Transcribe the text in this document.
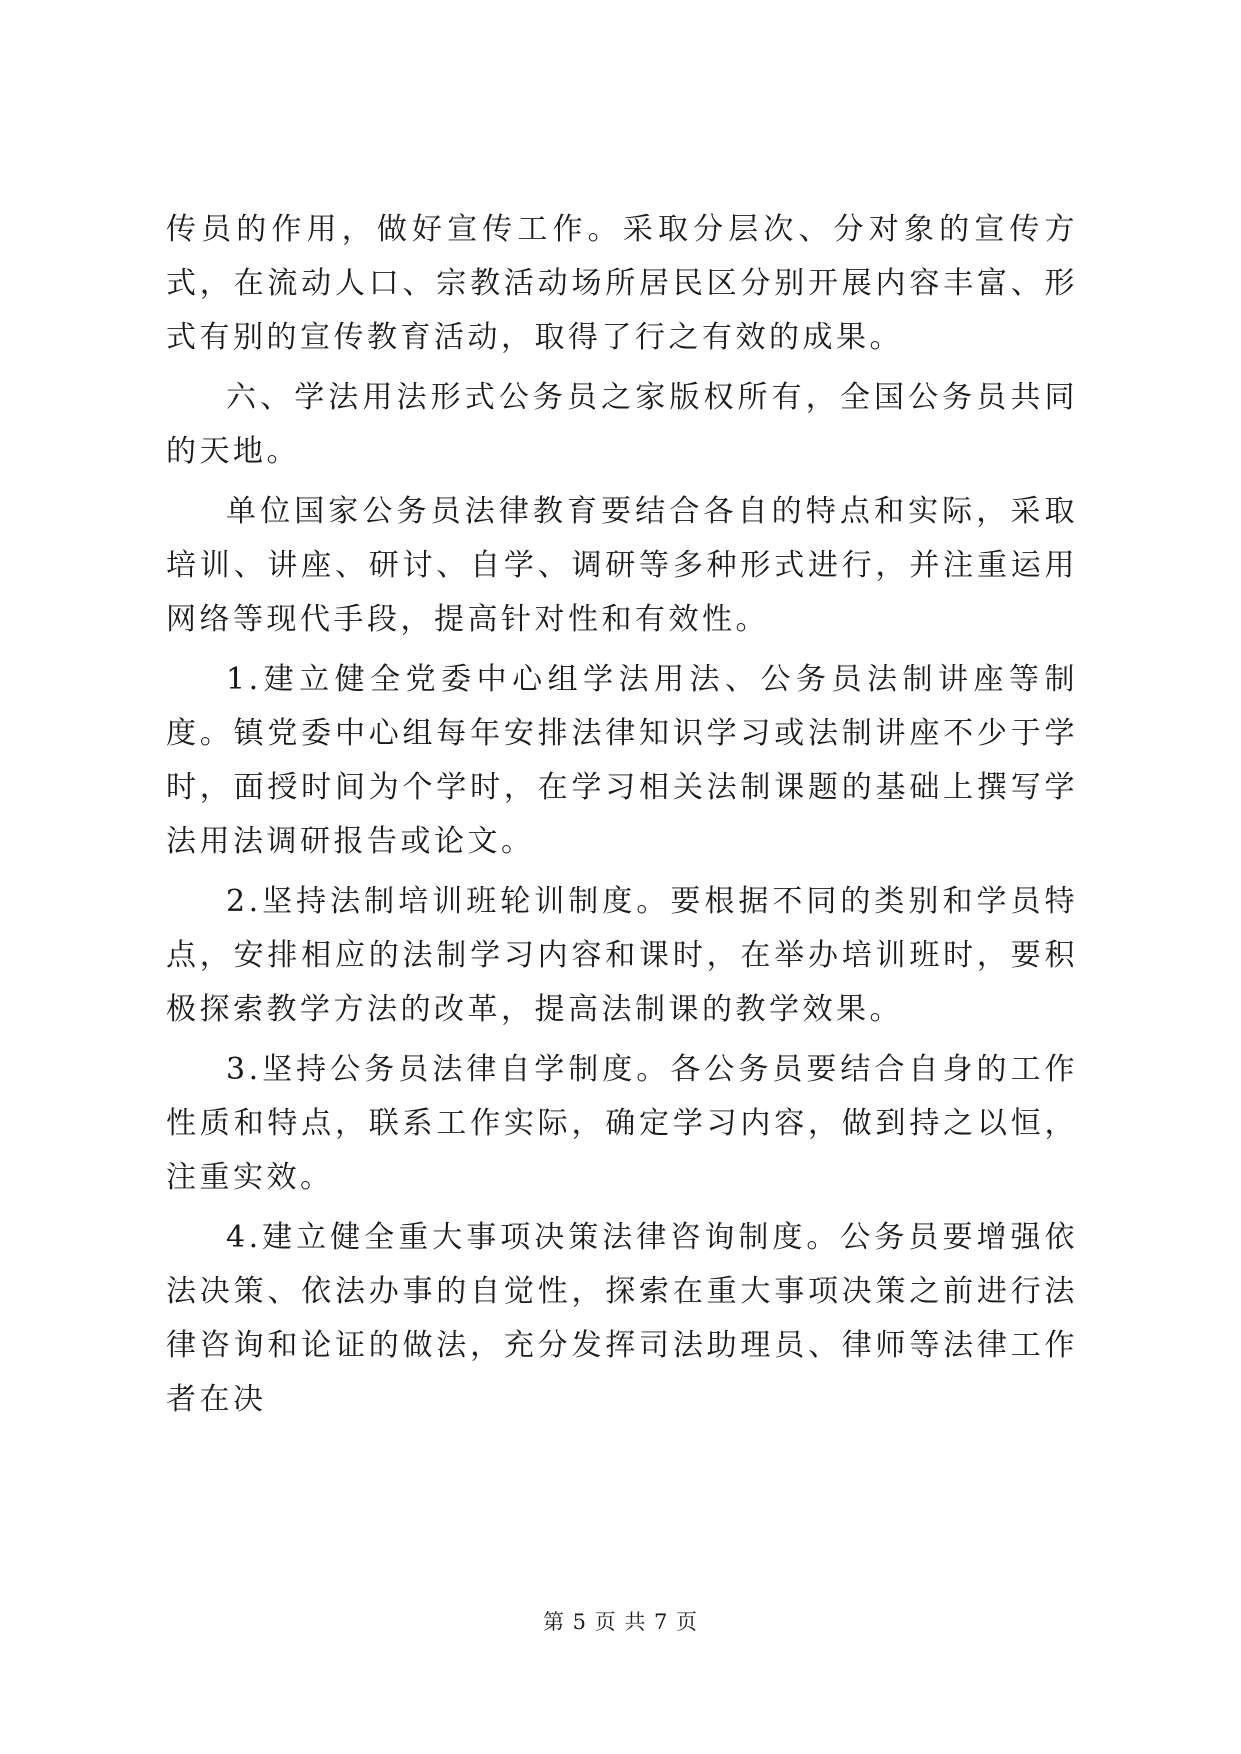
传员的作用，做好宣传工作。采取分层次、分对象的宣传方式，在流动人口、宗教活动场所居民区分别开展内容丰富、形式有别的宣传教育活动，取得了行之有效的成果。

六、学法用法形式公务员之家版权所有，全国公务员共同的天地。

单位国家公务员法律教育要结合各自的特点和实际，采取培训、讲座、研讨、自学、调研等多种形式进行，并注重运用网络等现代手段，提高针对性和有效性。

1.建立健全党委中心组学法用法、公务员法制讲座等制度。镇党委中心组每年安排法律知识学习或法制讲座不少于学时，面授时间为个学时，在学习相关法制课题的基础上撰写学法用法调研报告或论文。

2.坚持法制培训班轮训制度。要根据不同的类别和学员特点，安排相应的法制学习内容和课时，在举办培训班时，要积极探索教学方法的改革，提高法制课的教学效果。

3.坚持公务员法律自学制度。各公务员要结合自身的工作性质和特点，联系工作实际，确定学习内容，做到持之以恒，注重实效。

4.建立健全重大事项决策法律咨询制度。公务员要增强依法决策、依法办事的自觉性，探索在重大事项决策之前进行法律咨询和论证的做法，充分发挥司法助理员、律师等法律工作者在决

第 5 页 共 7 页
